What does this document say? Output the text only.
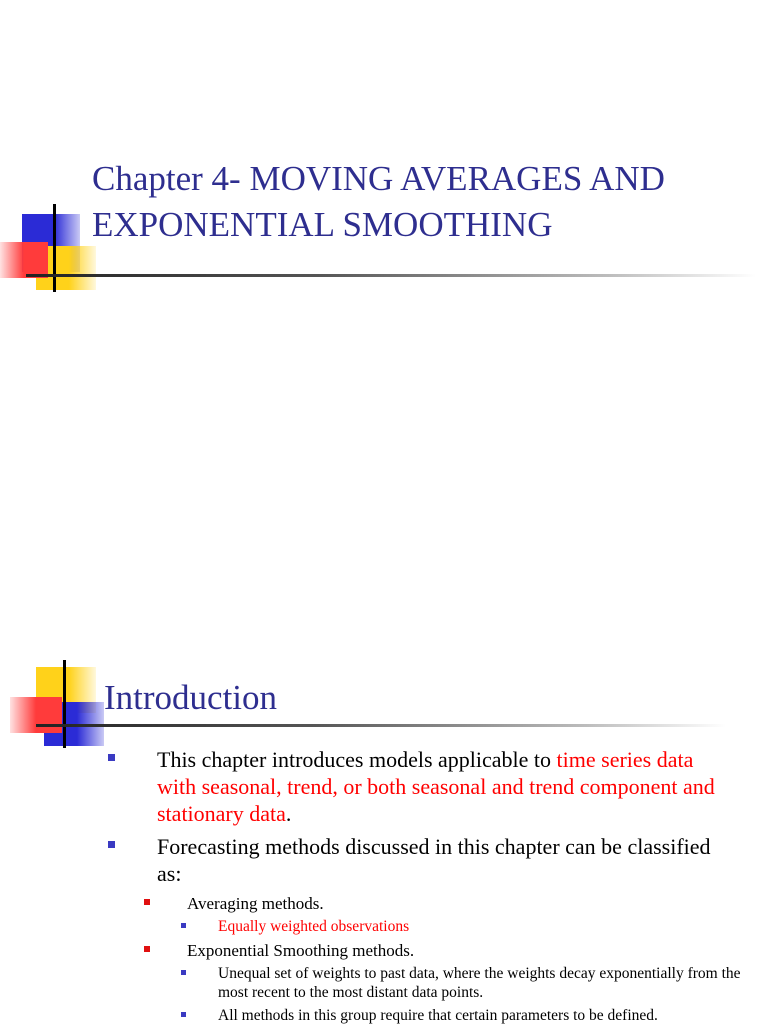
Chapter 4- MOVING AVERAGES AND EXPONENTIAL SMOOTHING
Introduction
This chapter introduces models applicable to time series data with seasonal, trend, or both seasonal and trend component and stationary data.
Forecasting methods discussed in this chapter can be classified as:
Averaging methods.
Equally weighted observations
Exponential Smoothing methods.
Unequal set of weights to past data, where the weights decay exponentially from the most recent to the most distant data points.
All methods in this group require that certain parameters to be defined.
